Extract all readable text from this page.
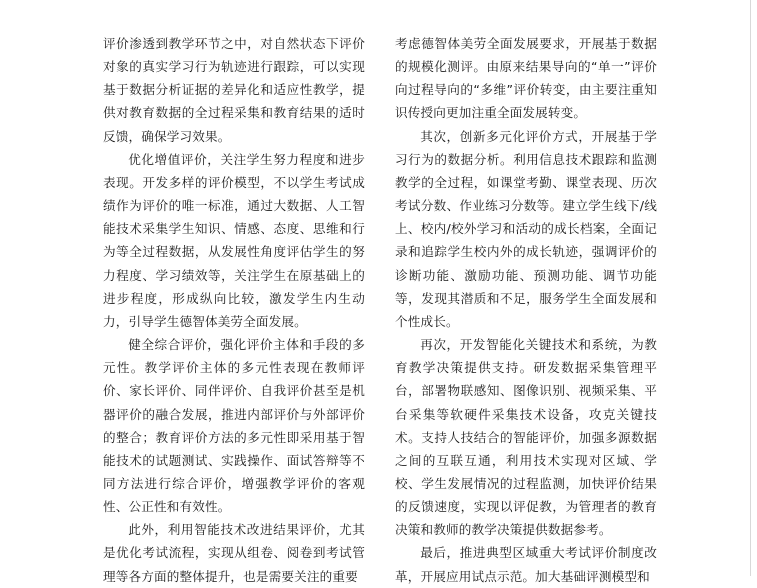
评价渗透到教学环节之中，对自然状态下评价对象的真实学习行为轨迹进行跟踪，可以实现基于数据分析证据的差异化和适应性教学，提供对教育数据的全过程采集和教育结果的适时反馈，确保学习效果。

优化增值评价，关注学生努力程度和进步表现。开发多样的评价模型，不以学生考试成绩作为评价的唯一标准，通过大数据、人工智能技术采集学生知识、情感、态度、思维和行为等全过程数据，从发展性角度评估学生的努力程度、学习绩效等，关注学生在原基础上的进步程度，形成纵向比较，激发学生内生动力，引导学生德智体美劳全面发展。

健全综合评价，强化评价主体和手段的多元性。教学评价主体的多元性表现在教师评价、家长评价、同伴评价、自我评价甚至是机器评价的融合发展，推进内部评价与外部评价的整合；教育评价方法的多元性即采用基于智能技术的试题测试、实践操作、面试答辩等不同方法进行综合评价，增强教学评价的客观性、公正性和有效性。

此外，利用智能技术改进结果评价，尤其是优化考试流程，实现从组卷、阅卷到考试管理等各方面的整体提升，也是需要关注的重要

考虑德智体美劳全面发展要求，开展基于数据的规模化测评。由原来结果导向的“单一”评价向过程导向的“多维”评价转变，由主要注重知识传授向更加注重全面发展转变。

其次，创新多元化评价方式，开展基于学习行为的数据分析。利用信息技术跟踪和监测教学的全过程，如课堂考勤、课堂表现、历次考试分数、作业练习分数等。建立学生线下/线上、校内/校外学习和活动的成长档案，全面记录和追踪学生校内外的成长轨迹，强调评价的诊断功能、激励功能、预测功能、调节功能等，发现其潜质和不足，服务学生全面发展和个性成长。

再次，开发智能化关键技术和系统，为教育教学决策提供支持。研发数据采集管理平台，部署物联感知、图像识别、视频采集、平台采集等软硬件采集技术设备，攻克关键技术。支持人技结合的智能评价，加强多源数据之间的互联互通，利用技术实现对区域、学校、学生发展情况的过程监测，加快评价结果的反馈速度，实现以评促教，为管理者的教育决策和教师的教学决策提供数据参考。

最后，推进典型区域重大考试评价制度改革，开展应用试点示范。加大基础评测模型和
